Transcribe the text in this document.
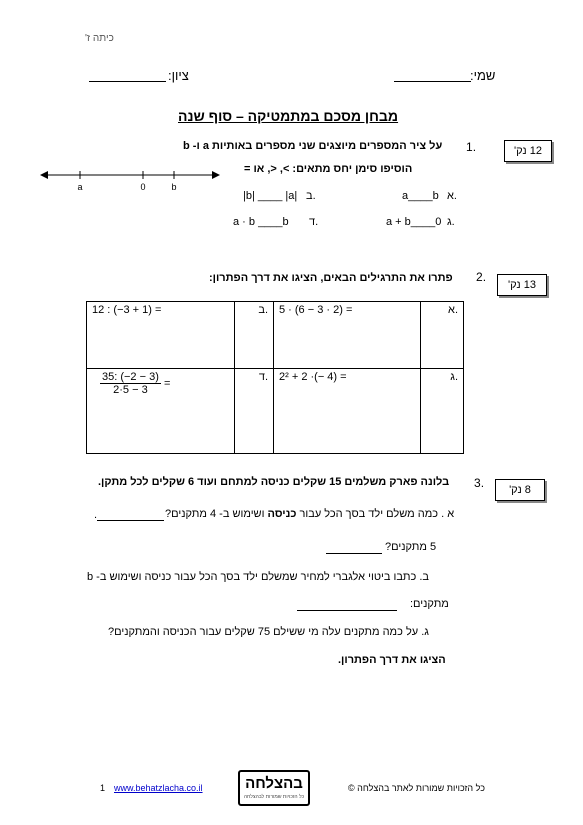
כיתה ז'
שמי:
ציון:
מבחן מסכם במתמטיקה – סוף שנה
12 נק'
.1
על ציר המספרים מיוצגים שני מספרים באותיות a ו- b
הוסיפו סימן יחס מתאים: >, <, או =
a	0	b
א.
a____b
ב.
|b| ____ |a|
ג.
a + b____0
ד.
a · b ____b
13 נק'
.2
פתרו את התרגילים הבאים, הציגו את דרך הפתרון:
12 : (−3 + 1) =	ב.	5 · (6 − 3 · 2) =	א.

$\frac{35: (-2 - 3)}{2\cdot 5 - 3}$ =	ד.	2² + 2 ·(− 4) =	ג.
8 נק'
.3
בלונה פארק משלמים 15 שקלים כניסה למתחם ועוד 6 שקלים לכל מתקן.
א . כמה משלם ילד בסך הכל עבור כניסה ושימוש ב- 4 מתקנים?
.
5 מתקנים?
ב. כתבו ביטוי אלגברי למחיר שמשלם ילד בסך הכל עבור כניסה ושימוש ב- b
מתקנים:
ג. על כמה מתקנים עלה מי ששילם 75 שקלים עבור הכניסה והמתקנים?
הציגו את דרך הפתרון.
כל הזכויות שמורות לאתר בהצלחה ©
בהצלחה
כל הזכויות שמורות לבהצלחה
www.behatzlacha.co.il
1
